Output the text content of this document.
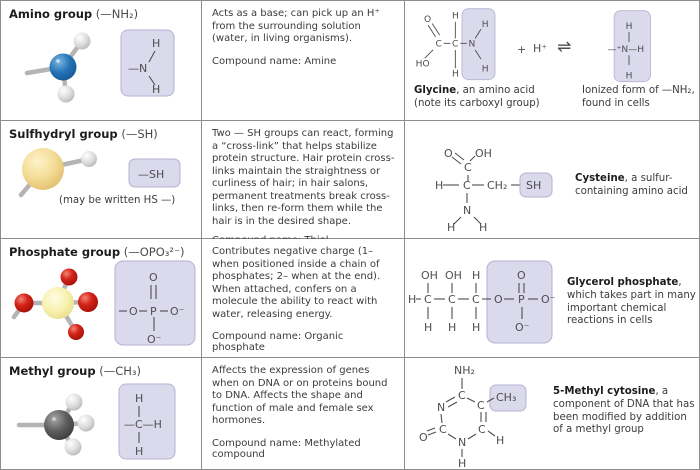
Amino group (—NH₂)
H
—N
H
Acts as a base; can pick up an H⁺ from the surrounding solution (water, in living organisms).
Compound name: Amine
O
C
HO
C
H
H
N
H
H
+ H⁺ ⇌
H
—⁺N—H
H
Glycine, an amino acid
(note its carboxyl group)
Ionized form of —NH₂,
found in cells
Sulfhydryl group (—SH)
—SH
(may be written HS —)
Two — SH groups can react, forming a “cross-link” that helps stabilize protein structure. Hair protein cross-links maintain the straightness or curliness of hair; in hair salons, permanent treatments break cross-links, then re-form them while the hair is in the desired shape.
O OH
C
H C CH₂ SH
N
H H
Cysteine, a sulfur-containing amino acid
Phosphate group (—OPO₃²⁻)
O
O P O⁻
O⁻
Contributes negative charge (1– when positioned inside a chain of phosphates; 2– when at the end). When attached, confers on a molecule the ability to react with water, releasing energy.
Compound name: Organic phosphate
OH OH H
H C C C O P O⁻
H H H
O
O⁻
Glycerol phosphate, which takes part in many important chemical reactions in cells
Methyl group (—CH₃)
H
—C—H
H
Affects the expression of genes when on DNA or on proteins bound to DNA. Affects the shape and function of male and female sex hormones.
Compound name: Methylated compound
NH₂
C
N
C
O	N
H
C
H
C
CH₃	5-Methyl cytosine, a component of DNA that has been modified by addition of a methyl group
